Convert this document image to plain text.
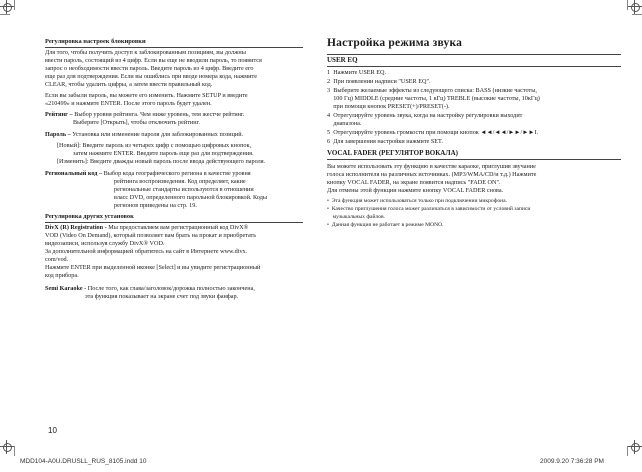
Регулировка настроек блокировки
Для того, чтобы получить доступ к заблокированным позициям, вы должны
ввести пароль, состоящий из 4 цифр. Если вы еще не вводили пароль, то появится
запрос о необходимости ввести пароль. Введите пароль из 4 цифр. Введите его
еще раз для подтверждения. Если вы ошиблись при вводе номера кода, нажмите
CLEAR, чтобы удалить цифры, а затем ввести правильный код.
Если вы забыли пароль, вы можете его изменить. Нажмите SETUP и введите
«210499» и нажмите ENTER. После этого пароль будет удален.
Рейтинг – Выбор уровня рейтинга. Чем ниже уровень, тем жестче рейтинг.
Выберите [Открыть], чтобы отключить рейтинг.
Пароль – Установка или изменение пароля для заблокированных позиций.
[Новый]: Введите пароль из четырех цифр с помощью цифровых кнопок,
затем нажмите ENTER. Введите пароль еще раз для подтверждения.
[Изменить]: Введите дважды новый пароль после ввода действующего пароля.
Региональный код – Выбор кода географического региона в качестве уровня
рейтинга воспроизведения. Код определяет, какие
региональные стандарты используются в отношении
власс DVD, определенного парольной блокировкой. Коды
регионов приведены на стр. 19.
Регулировка других установок
DivX (R) Registration - Мы предоставляем вам регистрационный код DivX®
VOD (Video On Demand), который позволяет вам брать на прокат и приобретать
видеозаписи, используя службу DivX® VOD.
За дополнительной информацией обратитесь на сайт в Интернете www.divx.
com/vod.
Нажмите ENTER при выделенной иконке [Select] и вы увидите регистрационный
код прибора.
Semi Karaoke - После того, как глава/заголовок/дорожка полностью закончена,
эта функция показывает на экране счет под звуки фанфар.
Настройка режима звука
USER EQ
1  Нажмите USER EQ.
2  При появлении надписи "USER EQ".
3  Выберите желаемые эффекты из следующего списка: BASS (низкие частоты,
100 Гц) MIDDLE (средние частоты, 1 кГц) TREBLE (высокие частоты, 10кГц)
при помощи кнопок PRESET(+)/PRESET(-).
4  Отрегулируйте уровень звука, когда на настройку регулировки выходит
диапазона.
5  Отрегулируйте уровень громкости при помощи кнопок ◄◄/◄◄/►►/►►I.
6  Для завершения настройки нажмите SET.
VOCAL FADER (РЕГУЛЯТОР ВОКАЛА)
Вы можете использовать эту функцию в качестве караоке, приглушив звучание
голоса исполнителя на различных источниках. (MP3/WMA/CD/и т.д.) Нажмите
кнопку VOCAL FADER, на экране появится надпись "FADE ON".
Для отмены этой функции нажмите кнопку VOCAL FADER снова.
•  Эта функция может использоваться только при подключении микрофона.
•  Качество приглушения голоса может различаться в зависимости от условий записи
музыкальных файлов.
•  Данная функция не работает в режиме MONO.
10
MDD104-A0U.DRUSLL_RUS_8105.indd 10	2009.9.20 7:36:28 PM
